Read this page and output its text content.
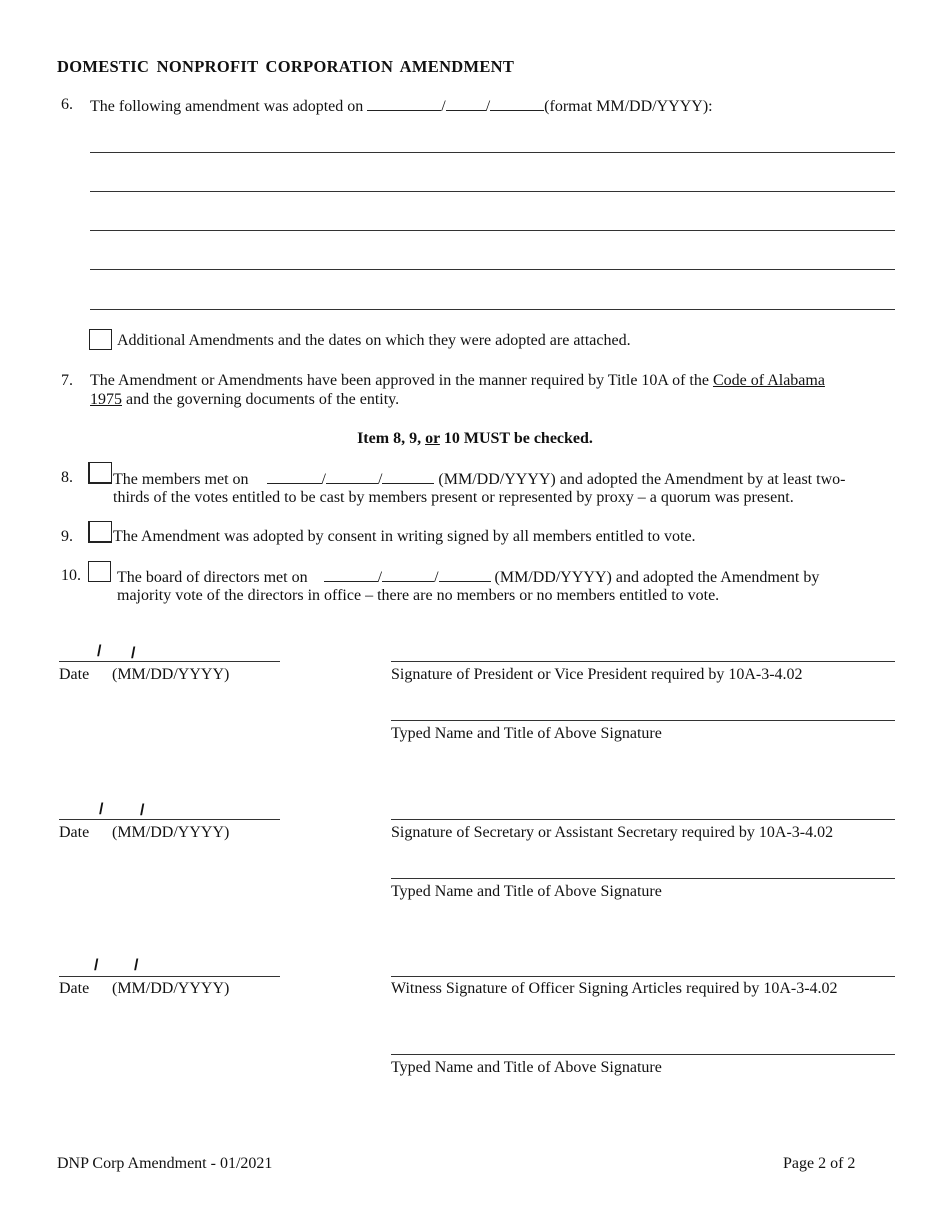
DOMESTIC NONPROFIT CORPORATION AMENDMENT
6. The following amendment was adopted on	/	/	(format MM/DD/YYYY):
Additional Amendments and the dates on which they were adopted are attached.
7. The Amendment or Amendments have been approved in the manner required by Title 10A of the Code of Alabama
1975 and the governing documents of the entity.
Item 8, 9, or 10 MUST be checked.
8.	The members met on	/	/	(MM/DD/YYYY) and adopted the Amendment by at least two-
thirds of the votes entitled to be cast by members present or represented by proxy – a quorum was present.
9.	The Amendment was adopted by consent in writing signed by all members entitled to vote.
10. The board of directors met on	/	/	(MM/DD/YYYY) and adopted the Amendment by
majority vote of the directors in office – there are no members or no members entitled to vote.
/ /
Date (MM/DD/YYYY)	Signature of President or Vice President required by 10A-3-4.02
Typed Name and Title of Above Signature
/ /
Date (MM/DD/YYYY)	Signature of Secretary or Assistant Secretary required by 10A-3-4.02
Typed Name and Title of Above Signature
/ /
Date (MM/DD/YYYY)	Witness Signature of Officer Signing Articles required by 10A-3-4.02
Typed Name and Title of Above Signature
DNP Corp Amendment - 01/2021	Page 2 of 2
